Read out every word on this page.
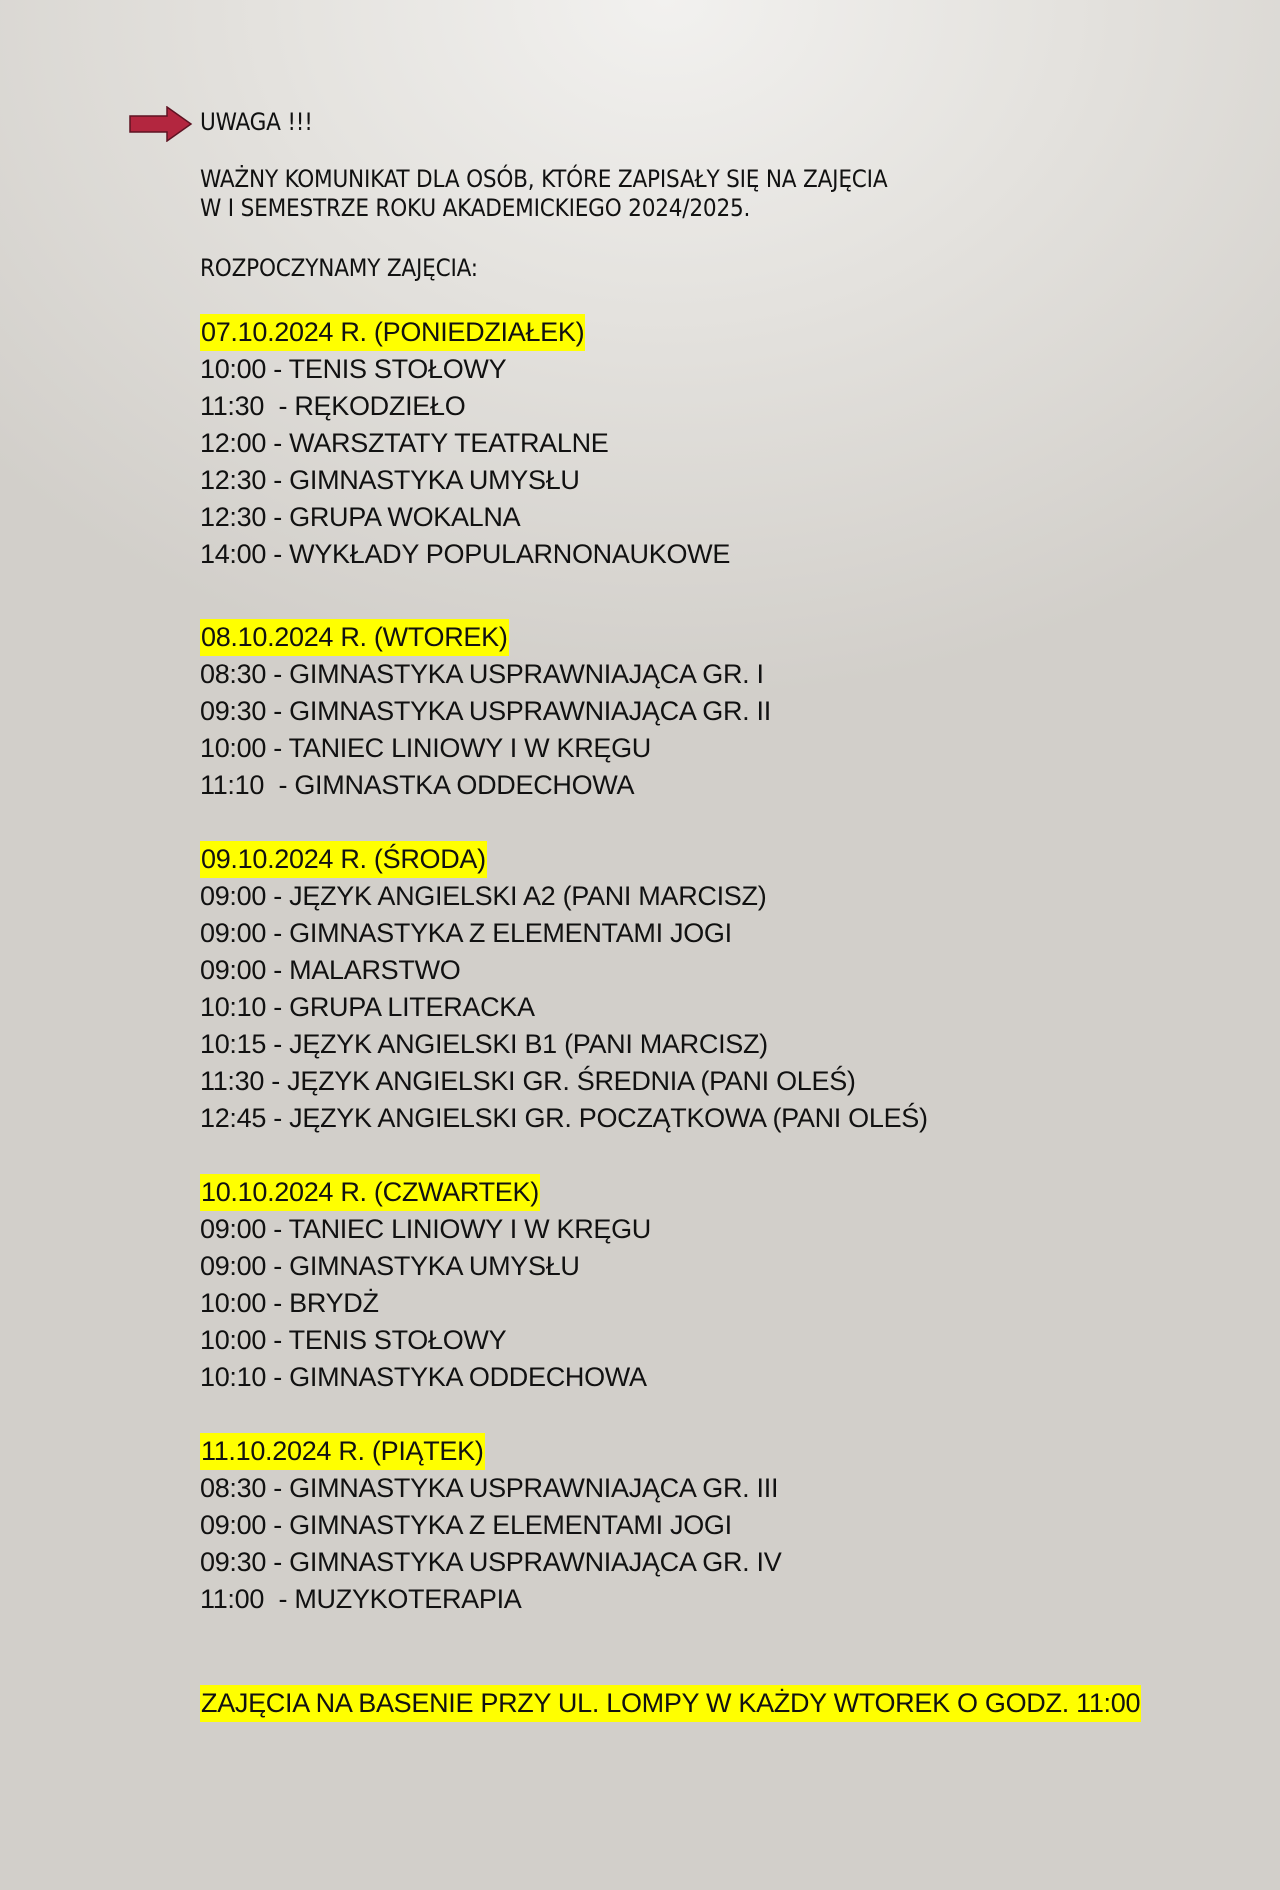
UWAGA !!!

WAŻNY KOMUNIKAT DLA OSÓB, KTÓRE ZAPISAŁY SIĘ NA ZAJĘCIA
W I SEMESTRZE ROKU AKADEMICKIEGO 2024/2025.

ROZPOCZYNAMY ZAJĘCIA:

07.10.2024 R. (PONIEDZIAŁEK)
10:00 - TENIS STOŁOWY
11:30  - RĘKODZIEŁO
12:00 - WARSZTATY TEATRALNE
12:30 - GIMNASTYKA UMYSŁU
12:30 - GRUPA WOKALNA
14:00 - WYKŁADY POPULARNONAUKOWE
08.10.2024 R. (WTOREK)
08:30 - GIMNASTYKA USPRAWNIAJĄCA GR. I
09:30 - GIMNASTYKA USPRAWNIAJĄCA GR. II
10:00 - TANIEC LINIOWY I W KRĘGU
11:10  - GIMNASTKA ODDECHOWA
09.10.2024 R. (ŚRODA)
09:00 - JĘZYK ANGIELSKI A2 (PANI MARCISZ)
09:00 - GIMNASTYKA Z ELEMENTAMI JOGI
09:00 - MALARSTWO
10:10 - GRUPA LITERACKA
10:15 - JĘZYK ANGIELSKI B1 (PANI MARCISZ)
11:30 - JĘZYK ANGIELSKI GR. ŚREDNIA (PANI OLEŚ)
12:45 - JĘZYK ANGIELSKI GR. POCZĄTKOWA (PANI OLEŚ)
10.10.2024 R. (CZWARTEK)
09:00 - TANIEC LINIOWY I W KRĘGU
09:00 - GIMNASTYKA UMYSŁU
10:00 - BRYDŻ
10:00 - TENIS STOŁOWY
10:10 - GIMNASTYKA ODDECHOWA
11.10.2024 R. (PIĄTEK)
08:30 - GIMNASTYKA USPRAWNIAJĄCA GR. III
09:00 - GIMNASTYKA Z ELEMENTAMI JOGI
09:30 - GIMNASTYKA USPRAWNIAJĄCA GR. IV
11:00  - MUZYKOTERAPIA
ZAJĘCIA NA BASENIE PRZY UL. LOMPY W KAŻDY WTOREK O GODZ. 11:00
